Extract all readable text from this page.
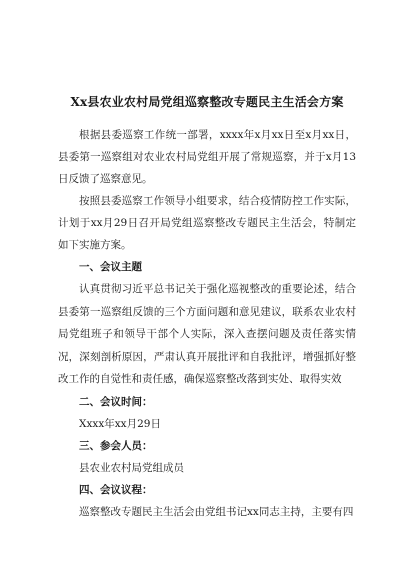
Xx县农业农村局党组巡察整改专题民主生活会方案

根据县委巡察工作统一部署，xxxx年x月xx日至x月xx日，县委第一巡察组对农业农村局党组开展了常规巡察，并于x月13日反馈了巡察意见。

按照县委巡察工作领导小组要求，结合疫情防控工作实际，计划于xx月29日召开局党组巡察整改专题民主生活会，特制定如下实施方案。

一、会议主题

认真贯彻习近平总书记关于强化巡视整改的重要论述，结合县委第一巡察组反馈的三个方面问题和意见建议，联系农业农村局党组班子和领导干部个人实际，深入查摆问题及责任落实情况，深刻剖析原因，严肃认真开展批评和自我批评，增强抓好整改工作的自觉性和责任感，确保巡察整改落到实处、取得实效

二、会议时间：

Xxxx年xx月29日

三、参会人员：

县农业农村局党组成员

四、会议议程：

巡察整改专题民主生活会由党组书记xx同志主持，主要有四
